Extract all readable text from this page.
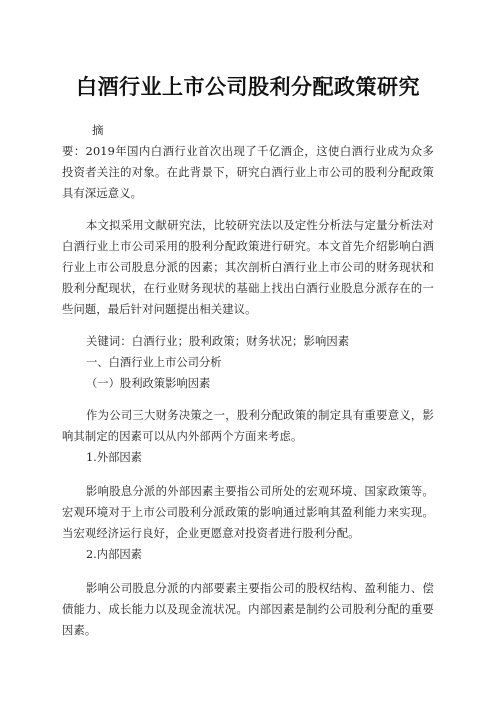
白酒行业上市公司股利分配政策研究

摘

要：2019年国内白酒行业首次出现了千亿酒企，这使白酒行业成为众多投资者关注的对象。在此背景下，研究白酒行业上市公司的股利分配政策具有深远意义。

本文拟采用文献研究法，比较研究法以及定性分析法与定量分析法对白酒行业上市公司采用的股利分配政策进行研究。本文首先介绍影响白酒行业上市公司股息分派的因素；其次剖析白酒行业上市公司的财务现状和股利分配现状，在行业财务现状的基础上找出白酒行业股息分派存在的一些问题，最后针对问题提出相关建议。

关键词：白酒行业；股利政策；财务状况；影响因素

一、白酒行业上市公司分析

（一）股利政策影响因素

作为公司三大财务决策之一，股利分配政策的制定具有重要意义，影响其制定的因素可以从内外部两个方面来考虑。

1.外部因素

影响股息分派的外部因素主要指公司所处的宏观环境、国家政策等。宏观环境对于上市公司股利分派政策的影响通过影响其盈利能力来实现。当宏观经济运行良好，企业更愿意对投资者进行股利分配。

2.内部因素

影响公司股息分派的内部要素主要指公司的股权结构、盈利能力、偿债能力、成长能力以及现金流状况。内部因素是制约公司股利分配的重要因素。
